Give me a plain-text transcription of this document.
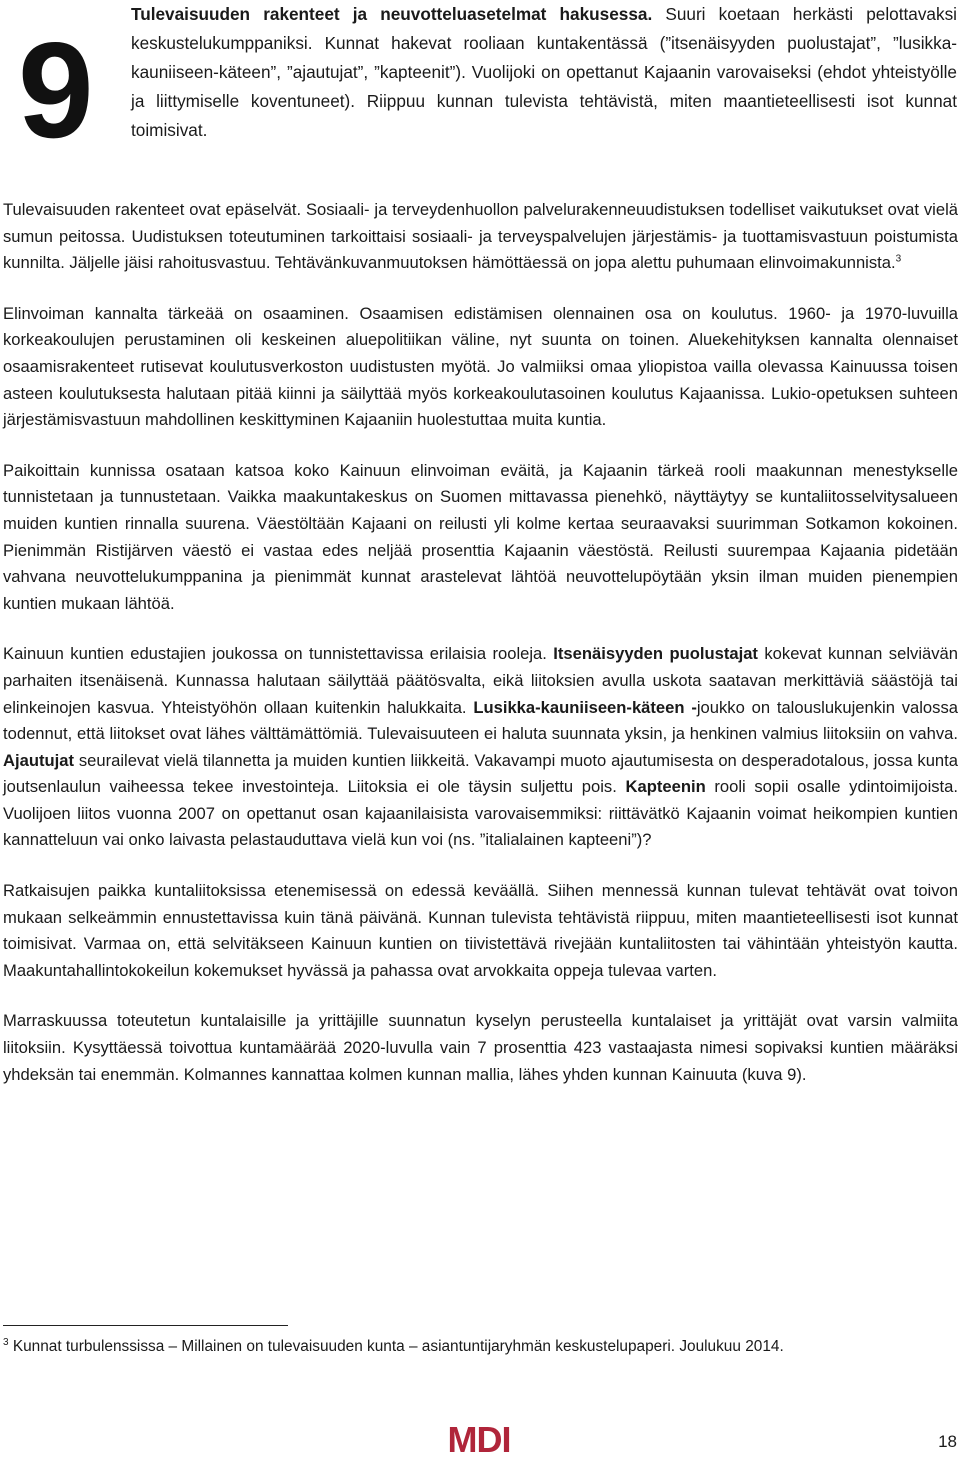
9 Tulevaisuuden rakenteet ja neuvotteluasetelmat hakusessa. Suuri koetaan herkästi pelottavaksi keskustelukumppaniksi. Kunnat hakevat rooliaan kuntakentässä (”itsenäisyyden puolustajat”, ”lusikka-kauniiseen-käteen”, ”ajautujat”, ”kapteenit”). Vuolijoki on opettanut Kajaanin varovaiseksi (ehdot yhteistyölle ja liittymiselle koventuneet). Riippuu kunnan tulevista tehtävistä, miten maantieteellisesti isot kunnat toimisivat.

Tulevaisuuden rakenteet ovat epäselvät. Sosiaali- ja terveydenhuollon palvelurakenneuudistuksen todelliset vaikutukset ovat vielä sumun peitossa. Uudistuksen toteutuminen tarkoittaisi sosiaali- ja terveyspalvelujen järjestämis- ja tuottamisvastuun poistumista kunnilta. Jäljelle jäisi rahoitusvastuu. Tehtävänkuvanmuutoksen hämöttäessä on jopa alettu puhumaan elinvoimakunnista.$^3$

Elinvoiman kannalta tärkeää on osaaminen. Osaamisen edistämisen olennainen osa on koulutus. 1960- ja 1970-luvuilla korkeakoulujen perustaminen oli keskeinen aluepolitiikan väline, nyt suunta on toinen. Aluekehityksen kannalta olennaiset osaamisrakenteet rutisevat koulutusverkoston uudistusten myötä. Jo valmiiksi omaa yliopistoa vailla olevassa Kainuussa toisen asteen koulutuksesta halutaan pitää kiinni ja säilyttää myös korkeakoulutasoinen koulutus Kajaanissa. Lukio-opetuksen suhteen järjestämisvastuun mahdollinen keskittyminen Kajaaniin huolestuttaa muita kuntia.

Paikoittain kunnissa osataan katsoa koko Kainuun elinvoiman eväitä, ja Kajaanin tärkeä rooli maakunnan menestykselle tunnistetaan ja tunnustetaan. Vaikka maakuntakeskus on Suomen mittavassa pienehkö, näyttäytyy se kuntaliitosselvitysalueen muiden kuntien rinnalla suurena. Väestöltään Kajaani on reilusti yli kolme kertaa seuraavaksi suurimman Sotkamon kokoinen. Pienimmän Ristijärven väestö ei vastaa edes neljää prosenttia Kajaanin väestöstä. Reilusti suurempaa Kajaania pidetään vahvana neuvottelukumppanina ja pienimmät kunnat arastelevat lähtöä neuvottelupöytään yksin ilman muiden pienempien kuntien mukaan lähtöä.

Kainuun kuntien edustajien joukossa on tunnistettavissa erilaisia rooleja. Itsenäisyyden puolustajat kokevat kunnan selviävän parhaiten itsenäisenä. Kunnassa halutaan säilyttää päätösvalta, eikä liitoksien avulla uskota saatavan merkittäviä säästöjä tai elinkeinojen kasvua. Yhteistyöhön ollaan kuitenkin halukkaita. Lusikka-kauniiseen-käteen -joukko on talouslukujenkin valossa todennut, että liitokset ovat lähes välttämättömiä. Tulevaisuuteen ei haluta suunnata yksin, ja henkinen valmius liitoksiin on vahva. Ajautujat seurailevat vielä tilannetta ja muiden kuntien liikkeitä. Vakavampi muoto ajautumisesta on desperadotalous, jossa kunta joutsenlaulun vaiheessa tekee investointeja. Liitoksia ei ole täysin suljettu pois. Kapteenin rooli sopii osalle ydintoimijoista. Vuolijoen liitos vuonna 2007 on opettanut osan kajaanilaisista varovaisemmiksi: riittävätkö Kajaanin voimat heikompien kuntien kannatteluun vai onko laivasta pelastauduttava vielä kun voi (ns. ”italialainen kapteeni”)?

Ratkaisujen paikka kuntaliitoksissa etenemisessä on edessä keväällä. Siihen mennessä kunnan tulevat tehtävät ovat toivon mukaan selkeämmin ennustettavissa kuin tänä päivänä. Kunnan tulevista tehtävistä riippuu, miten maantieteellisesti isot kunnat toimisivat. Varmaa on, että selvitäkseen Kainuun kuntien on tiivistettävä rivejään kuntaliitosten tai vähintään yhteistyön kautta. Maakuntahallintokokeilun kokemukset hyvässä ja pahassa ovat arvokkaita oppeja tulevaa varten.

Marraskuussa toteutetun kuntalaisille ja yrittäjille suunnatun kyselyn perusteella kuntalaiset ja yrittäjät ovat varsin valmiita liitoksiin. Kysyttäessä toivottua kuntamäärää 2020-luvulla vain 7 prosenttia 423 vastaajasta nimesi sopivaksi kuntien määräksi yhdeksän tai enemmän. Kolmannes kannattaa kolmen kunnan mallia, lähes yhden kunnan Kainuuta (kuva 9).

$^3$ Kunnat turbulenssissa – Millainen on tulevaisuuden kunta – asiantuntijaryhmän keskustelupaperi. Joulukuu 2014.

MDI	18
